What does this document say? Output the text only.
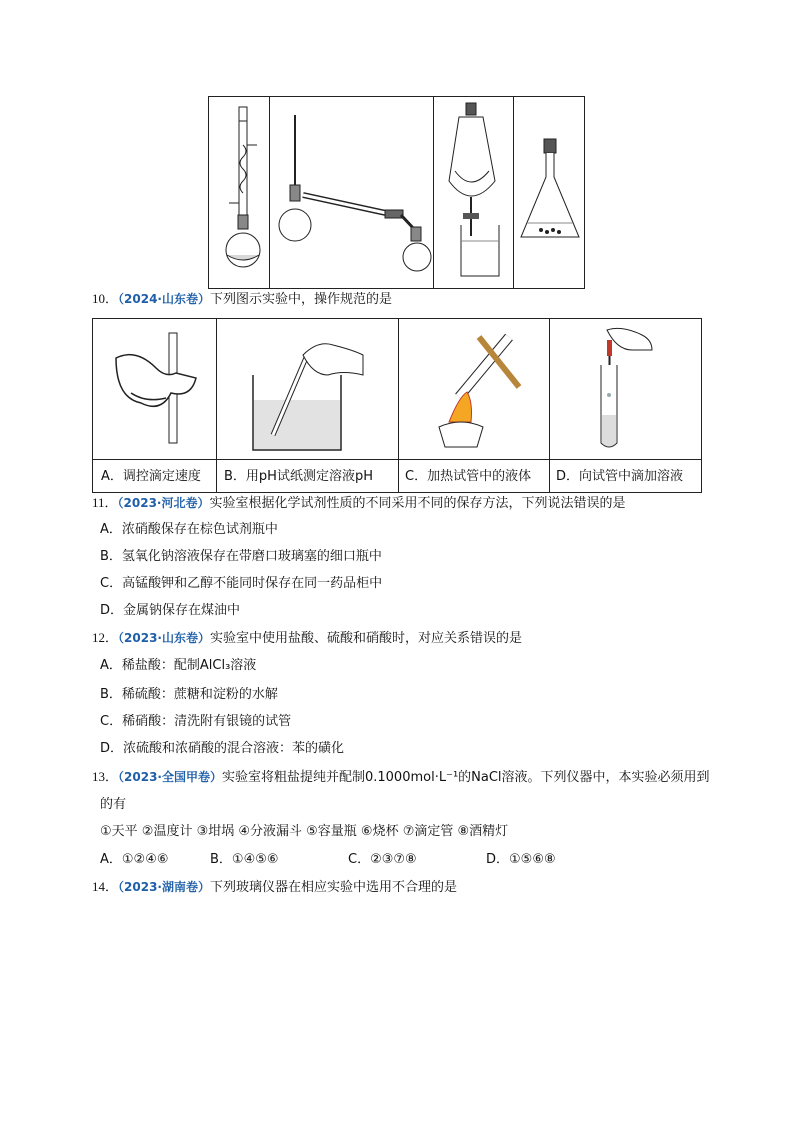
10．（2024·山东卷）下列图示实验中，操作规范的是
A．调控滴定速度 B．用pH试纸测定溶液pH C．加热试管中的液体 D．向试管中滴加溶液
11．（2023·河北卷）实验室根据化学试剂性质的不同采用不同的保存方法，下列说法错误的是
A．浓硝酸保存在棕色试剂瓶中
B．氢氧化钠溶液保存在带磨口玻璃塞的细口瓶中
C．高锰酸钾和乙醇不能同时保存在同一药品柜中
D．金属钠保存在煤油中
12．（2023·山东卷）实验室中使用盐酸、硫酸和硝酸时，对应关系错误的是
A．稀盐酸：配制AlCl₃溶液
B．稀硫酸：蔗糖和淀粉的水解
C．稀硝酸：清洗附有银镜的试管
D．浓硫酸和浓硝酸的混合溶液：苯的磺化
13．（2023·全国甲卷）实验室将粗盐提纯并配制0.1000mol·L⁻¹的NaCl溶液。下列仪器中，本实验必须用到
的有
①天平 ②温度计 ③坩埚 ④分液漏斗 ⑤容量瓶 ⑥烧杯 ⑦滴定管 ⑧酒精灯
A．①②④⑥	B．①④⑤⑥	C．②③⑦⑧	D．①⑤⑥⑧
14．（2023·湖南卷）下列玻璃仪器在相应实验中选用不合理的是
